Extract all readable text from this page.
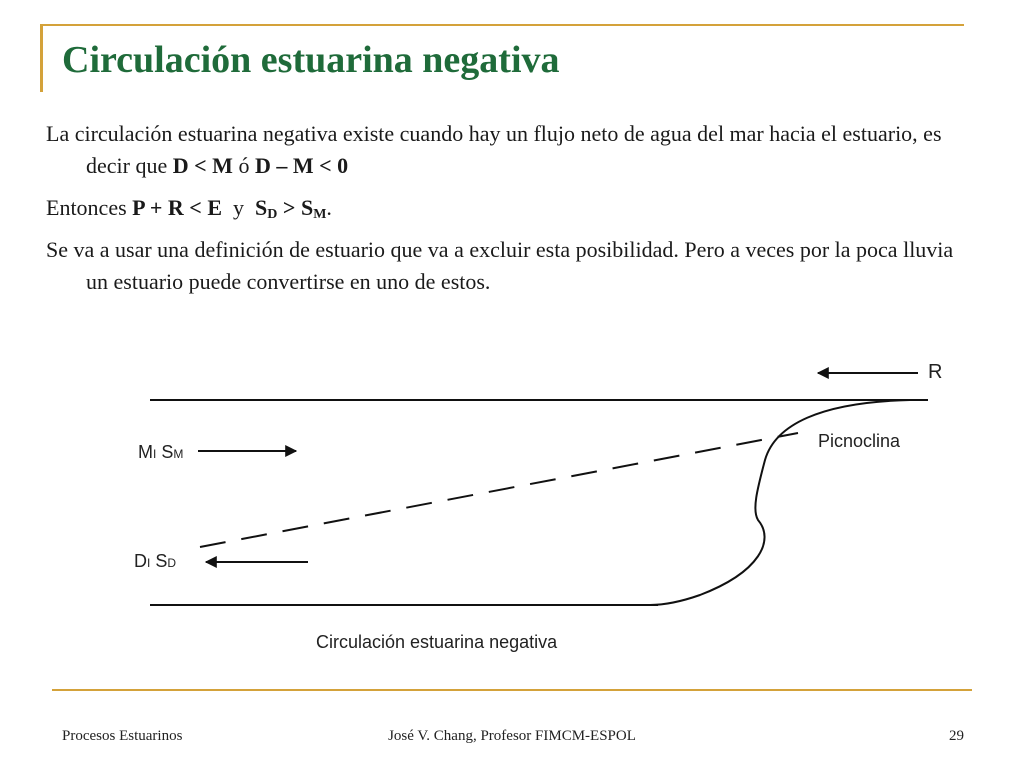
Circulación estuarina negativa

La circulación estuarina negativa existe cuando hay un flujo neto de agua del mar hacia el estuario, es decir que D < M ó D – M < 0

Entonces P + R < E  y  $S_D > S_M$.

Se va a usar una definición de estuario que va a excluir esta posibilidad. Pero a veces por la poca lluvia un estuario puede convertirse en uno de estos.

R
Picnoclina
MI SM
DI SD
Circulación estuarina negativa
Procesos Estuarinos	José V. Chang, Profesor FIMCM-ESPOL	29
